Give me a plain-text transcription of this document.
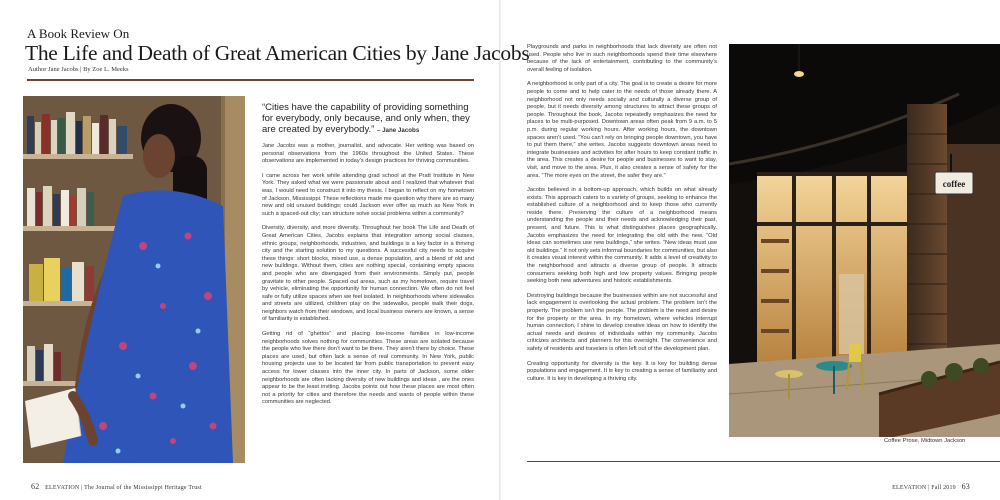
A Book Review On
The Life and Death of Great American Cities by Jane Jacobs
Author Jane Jacobs | By Zoe L. Meeks

“Cities have the capability of providing something for everybody, only because, and only when, they are created by everybody.” – Jane Jacobs

Jane Jacobs was a mother, journalist, and advocate. Her writing was based on personal observations from the 1960s throughout the United States. These observations are implemented in today’s design practices for thriving communities.

I came across her work while attending grad school at the Pratt Institute in New York. They asked what we were passionate about and I realized that whatever that was, I would need to construct it into my thesis. I began to reflect on my hometown of Jackson, Mississippi. These reflections made me question why there are so many new and old unused buildings; could Jackson ever offer as much as New York in such a spaced-out city; can structure solve social problems within a community?

Diversity, diversity, and more diversity. Throughout her book The Life and Death of Great American Cities, Jacobs explains that integration among social classes, ethnic groups, neighborhoods, industries, and buildings is a key factor in a thriving city and the starting solution to my questions. A successful city needs to acquire these things: short blocks, mixed use, a dense population, and a blend of old and new buildings. Without them, cities are nothing special, containing empty spaces and people who are disengaged from their environments. Simply put, people gravitate to other people. Spaced out areas, such as my hometown, require travel by vehicle, eliminating the opportunity for human connection. We often do not feel safe or fully utilize spaces when we feel isolated. In neighborhoods where sidewalks and streets are utilized, children play on the sidewalks, people walk their dogs, neighbors watch from their windows, and local business owners are known, a sense of familiarity is established.

Getting rid of “ghettos” and placing low-income families in low-income neighborhoods solves nothing for communities. These areas are isolated because the people who live there don’t want to be there. They aren’t there by choice. These places are used, but often lack a sense of real community. In New York, public housing projects use to be located far from public transportation to prevent easy access for lower classes into the inner city. In parts of Jackson, some older neighborhoods are often lacking diversity of new buildings and ideas , are the ones appear to be the least inviting. Jacobs points out how these places are most often not a priority for cities and therefore the needs and wants of people within these communities are neglected.

Playgrounds and parks in neighborhoods that lack diversity are often not used. People who live in such neighborhoods spend their time elsewhere because of the lack of entertainment, contributing to the community’s overall feeling of isolation.

A neighborhood is only part of a city. The goal is to create a desire for more people to come and to help cater to the needs of those already there. A neighborhood not only needs socially and culturally a diverse group of people, but it needs diversity among structures to attract these groups of people. Throughout the book, Jacobs repeatedly emphasizes the need for places to be multi-purposed. Downtown areas often peak from 9 a.m. to 5 p.m. during regular working hours. After working hours, the downtown spaces aren’t used. “You can’t rely on bringing people downtown, you have to put them there,” she writes. Jacobs suggests downtown areas need to integrate businesses and activities for after hours to keep constant traffic in the area. This creates a desire for people and businesses to want to stay, visit, and move to the area. Plus, it also creates a sense of safety for the area. “The more eyes on the street, the safer they are.”

Jacobs believed in a bottom-up approach, which builds on what already exists. This approach caters to a variety of groups, seeking to enhance the established culture of a neighborhood and to keep those who currently reside there. Preserving the culture of a neighborhood means understanding the people and their needs and acknowledging their past, present, and future. This is what distinguishes places geographically. Jacobs emphasizes the need for integrating the old with the new. “Old ideas can sometimes use new buildings,” she writes. “New ideas must use old buildings.” It not only sets informal boundaries for communities, but also it creates visual interest within the community. It adds a level of creativity to the neighborhood and attracts a diverse group of people. It attracts consumers seeking both high and low property values. Bringing people seeking both new adventures and historic establishments.

Destroying buildings because the businesses within are not successful and lack engagement is overlooking the actual problem. The problem isn’t the property. The problem isn’t the people. The problem is the need and desire for the property or the area. In my hometown, where vehicles interrupt human connection, I shine to develop creative ideas on how to identify the actual needs and desires of individuals within my community. Jacobs criticizes architects and planners for this oversight. The convenience and safety of residents and travelers is often left out of the development plan.

Creating opportunity for diversity is the key. It is key for building dense populations and engagement. It is key to creating a sense of familiarity and culture. It is key in developing a thriving city.

coffee
Coffee Prose, Midtown Jackson
62 ELEVATION | The Journal of the Mississippi Heritage Trust	ELEVATION | Fall 2019 63
